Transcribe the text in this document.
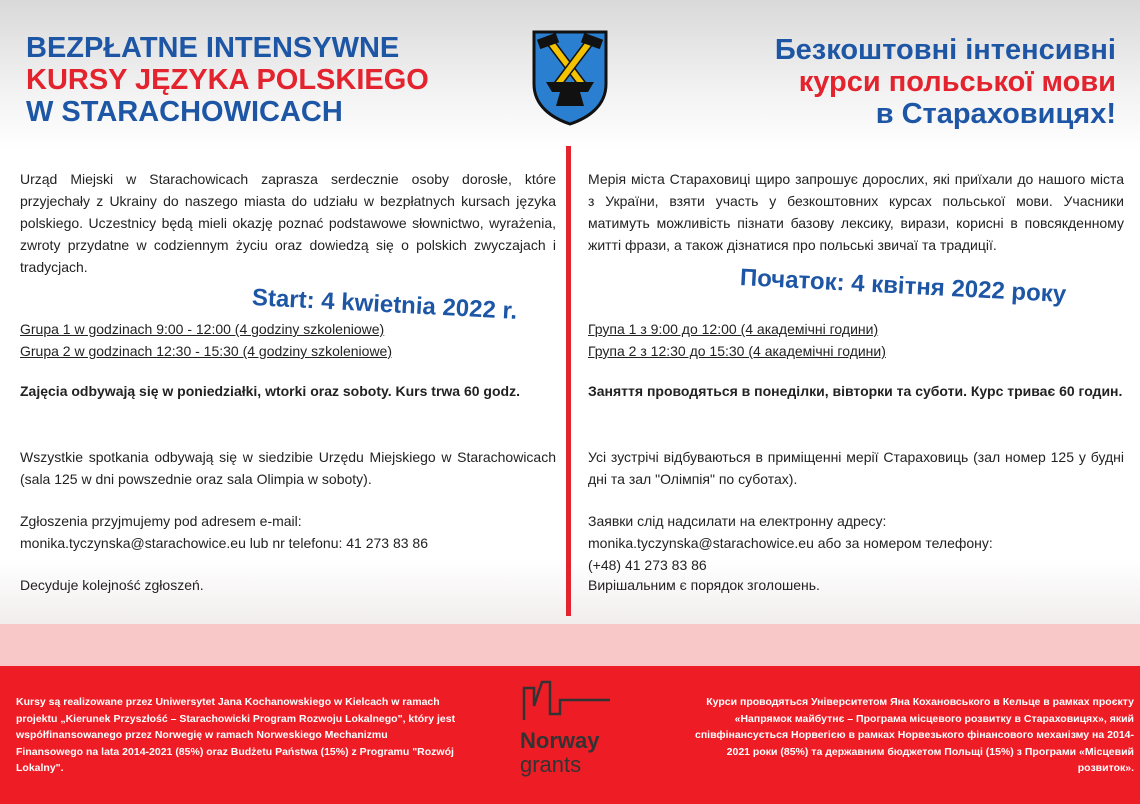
BEZPŁATNE INTENSYWNE
KURSY JĘZYKA POLSKIEGO
W STARACHOWICACH
Безкоштовні інтенсивні
курси польської мови
в Стараховицях!
Urząd Miejski w Starachowicach zaprasza serdecznie osoby dorosłe, które przyjechały z Ukrainy do naszego miasta do udziału w bezpłatnych kursach języka polskiego. Uczestnicy będą mieli okazję poznać podstawowe słownictwo, wyrażenia, zwroty przydatne w codziennym życiu oraz dowiedzą się o polskich zwyczajach i tradycjach.
Start: 4 kwietnia 2022 r.

Grupa 1 w godzinach 9:00 - 12:00 (4 godziny szkoleniowe)

Grupa 2 w godzinach 12:30 - 15:30 (4 godziny szkoleniowe)

Zajęcia odbywają się w poniedziałki, wtorki oraz soboty. Kurs trwa 60 godz.
Wszystkie spotkania odbywają się w siedzibie Urzędu Miejskiego w Starachowicach (sala 125 w dni powszednie oraz sala Olimpia w soboty).

Zgłoszenia przyjmujemy pod adresem e-mail:

monika.tyczynska@starachowice.eu lub nr telefonu: 41 273 83 86

Decyduje kolejność zgłoszeń.
Мерія міста Стараховиці щиро запрошує дорослих, які приїхали до нашого міста з України, взяти участь у безкоштовних курсах польської мови. Учасники матимуть можливість пізнати базову лексику, вирази, корисні в повсякденному житті фрази, а також дізнатися про польські звичаї та традиції.
Початок: 4 квітня 2022 року

Група 1 з 9:00 до 12:00 (4 академічні години)

Група 2 з 12:30 до 15:30 (4 академічні години)

Заняття проводяться в понеділки, вівторки та суботи. Курс триває 60 годин.
Усі зустрічі відбуваються в приміщенні мерії Стараховиць (зал номер 125 у будні дні та зал "Олімпія" по суботах).

Заявки слід надсилати на електронну адресу:

monika.tyczynska@starachowice.eu або за номером телефону:

(+48) 41 273 83 86

Вирішальним є порядок зголошень.
Kursy są realizowane przez Uniwersytet Jana Kochanowskiego w Kielcach w ramach projektu „Kierunek Przyszłość – Starachowicki Program Rozwoju Lokalnego", który jest współfinansowanego przez Norwegię w ramach Norweskiego Mechanizmu Finansowego na lata 2014-2021 (85%) oraz Budżetu Państwa (15%) z Programu "Rozwój Lokalny".
Курси проводяться Університетом Яна Кохановського в Кельце в рамках проєкту «Напрямок майбутнє – Програма місцевого розвитку в Стараховицях», який співфінансується Норвегією в рамках Норвезького фінансового механізму на 2014-2021 роки (85%) та державним бюджетом Польщі (15%) з Програми «Місцевий розвиток».
Norway
grants
